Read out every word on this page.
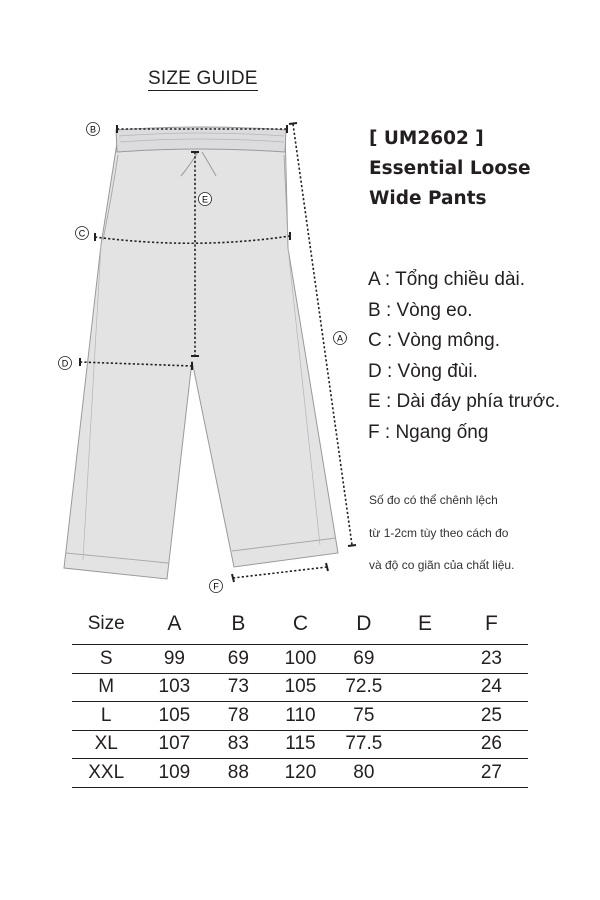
SIZE GUIDE
B
E
C
A
D
F
[ UM2602 ]
Essential Loose
Wide Pants
A : Tổng chiều dài.
B : Vòng eo.
C : Vòng mông.
D : Vòng đùi.
E : Dài đáy phía trước.
F : Ngang ống
Số đo có thể chênh lệch
từ 1-2cm tùy theo cách đo
và độ co giãn của chất liệu.
Size	A	B	C	D	E	F
S	99	69	100	69		23
M	103	73	105	72.5		24
L	105	78	110	75		25
XL	107	83	115	77.5		26
XXL	109	88	120	80		27
